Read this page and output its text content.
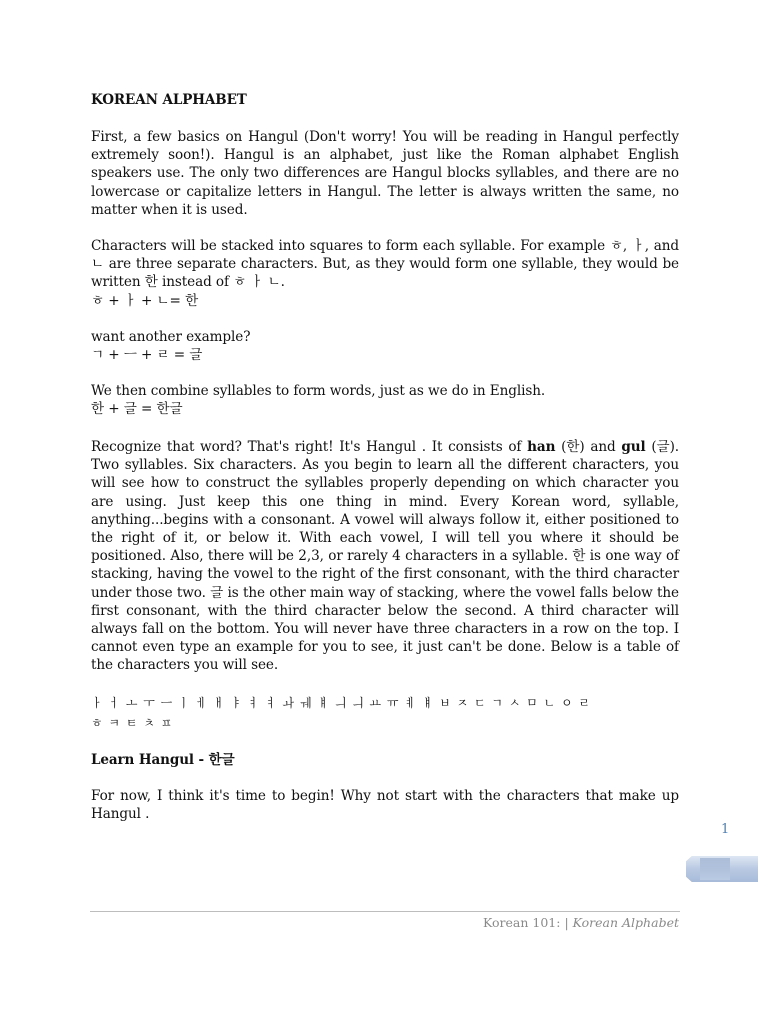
KOREAN ALPHABET

First, a few basics on Hangul (Don't worry! You will be reading in Hangul perfectly extremely soon!). Hangul is an alphabet, just like the Roman alphabet English speakers use. The only two differences are Hangul blocks syllables, and there are no lowercase or capitalize letters in Hangul. The letter is always written the same, no matter when it is used.

Characters will be stacked into squares to form each syllable. For example ㅎ, ㅏ, and ㄴ are three separate characters. But, as they would form one syllable, they would be written 한 instead of ㅎ ㅏ ㄴ.

ㅎ + ㅏ + ㄴ= 한

want another example?

ㄱ + ㅡ + ㄹ = 글

We then combine syllables to form words, just as we do in English.

한 + 글 = 한글

Recognize that word? That's right! It's Hangul . It consists of han (한) and gul (글). Two syllables. Six characters. As you begin to learn all the different characters, you will see how to construct the syllables properly depending on which character you are using. Just keep this one thing in mind. Every Korean word, syllable, anything...begins with a consonant. A vowel will always follow it, either positioned to the right of it, or below it. With each vowel, I will tell you where it should be positioned. Also, there will be 2,3, or rarely 4 characters in a syllable. 한 is one way of stacking, having the vowel to the right of the first consonant, with the third character under those two. 글 is the other main way of stacking, where the vowel falls below the first consonant, with the third character below the second. A third character will always fall on the bottom. You will never have three characters in a row on the top. I cannot even type an example for you to see, it just can't be done. Below is a table of the characters you will see.

ㅏ ㅓ ㅗ ㅜ ㅡ ㅣ ㅔ ㅐ ㅑ ㅕ ㅕ ㅘ ㅞ ㅒ ㅢ ㅢ ㅛ ㅠ ㅖ ㅒ ㅂ ㅈ ㄷ ㄱ ㅅ ㅁ ㄴ ㅇ ㄹ

ㅎ ㅋ ㅌ ㅊ ㅍ

Learn Hangul - 한글

For now, I think it's time to begin! Why not start with the characters that make up Hangul .

1
Korean 101: | Korean Alphabet
